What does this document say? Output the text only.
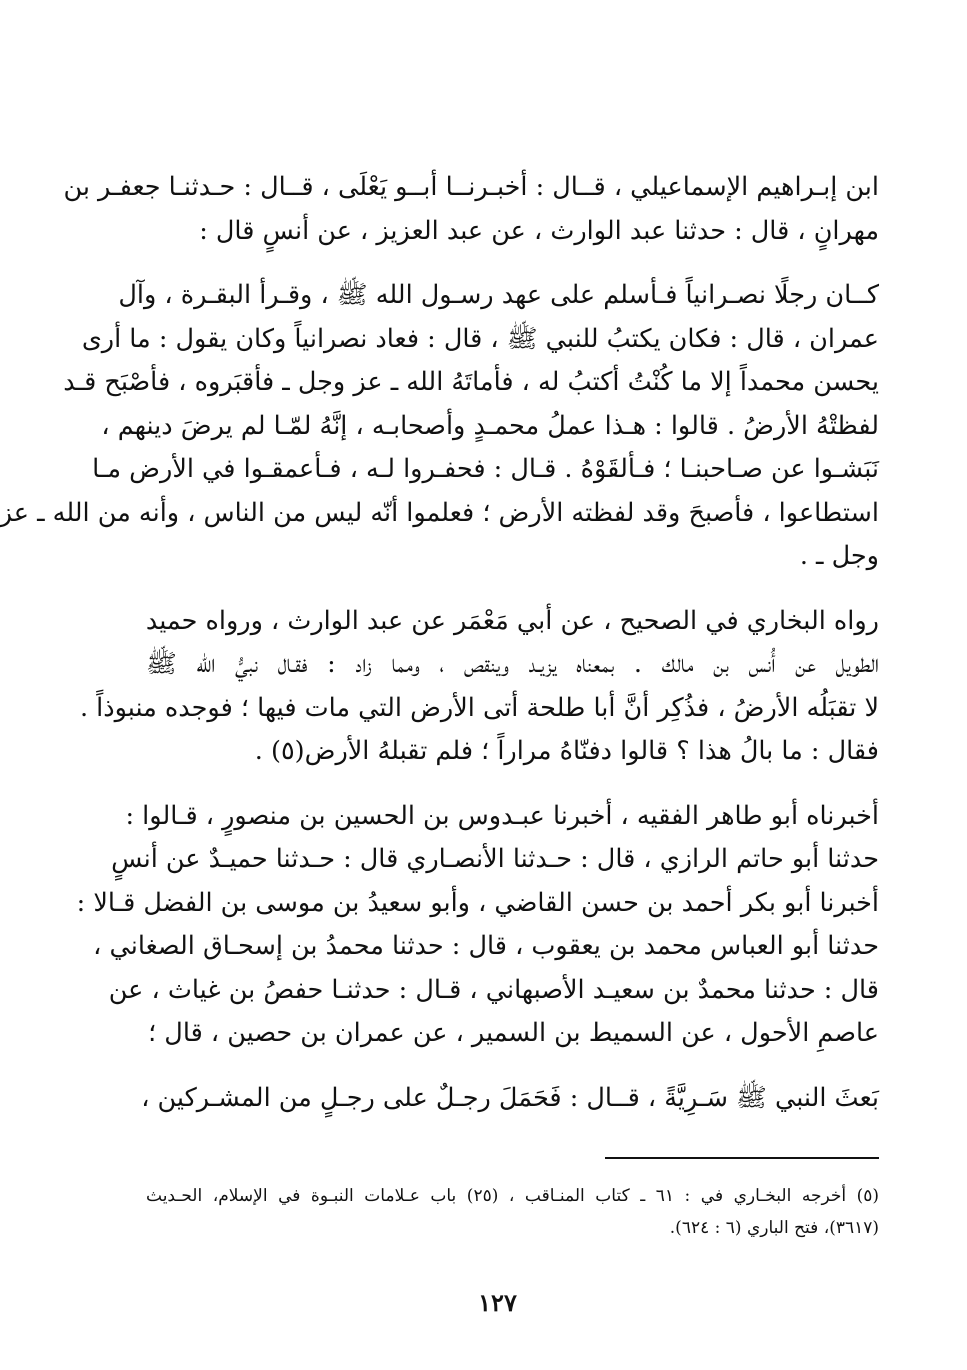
ابن إبـراهيم الإسماعيلي ، قــال : أخبـرنــا أبــو يَعْلَى ، قــال : حـدثنـا جعفـر بن
مهرانٍ ، قال : حدثنا عبد الوارث ، عن عبد العزيز ، عن أنسٍ قال :

كــان رجلًا نصـرانياً فـأسلم على عهد رسـول الله ﷺ ، وقـرأ البقـرة ، وآل
عمران ، قال : فكان يكتبُ للنبي ﷺ ، قال : فعاد نصرانياً وكان يقول : ما أرى
يحسن محمداً إلا ما كُنْتُ أكتبُ له ، فأماتَهُ الله ـ عز وجل ـ فأقبَروه ، فأصْبَح قـد
لفظتْهُ الأرضُ . قالوا : هـذا عملُ محمـدٍ وأصحابـه ، إنَّهُ لمّـا لم يرضَ دينهم ،
نَبَشـوا عن صـاحبنـا ؛ فـألقَوْهُ . قـال : فحفـروا لـه ، فـأعمقـوا في الأرض مـا
استطاعوا ، فأصبحَ وقد لفظته الأرض ؛ فعلموا أنّه ليس من الناس ، وأنه من الله ـ عز
وجل ـ .

رواه البخاري في الصحيح ، عن أبي مَعْمَر عن عبد الوارث ، ورواه حميد
الطويل عن أُنس بن مالك . بمعناه يزيـد وينقص ، ومما زاد : فقـال نبيُّ الله ﷺ
لا تقبَلُه الأرضُ ، فذُكِر أنَّ أبا طلحة أتى الأرض التي مات فيها ؛ فوجده منبوذاً .
فقال : ما بالُ هذا ؟ قالوا دفنّاهُ مراراً ؛ فلم تقبلهُ الأرض(٥) .

أخبرناه أبو طاهر الفقيه ، أخبرنا عبـدوس بن الحسين بن منصورٍ ، قـالوا :
حدثنا أبو حاتم الرازي ، قال : حـدثنا الأنصـاري قال : حـدثنا حميـدٌ عن أنسٍ
أخبرنا أبو بكر أحمد بن حسن القاضي ، وأبو سعيدُ بن موسى بن الفضل قـالا :
حدثنا أبو العباس محمد بن يعقوب ، قال : حدثنا محمدُ بن إسحـاق الصغاني ،
قال : حدثنا محمدٌ بن سعيـد الأصبهاني ، قـال : حدثنـا حفصُ بن غياث ، عن
عاصمِ الأحول ، عن السميط بن السمير ، عن عمران بن حصين ، قال ؛

بَعثَ النبي ﷺ سَـرِيَّةً ، قــال : فَحَمَلَ رجـلٌ على رجـلٍ من المشـركين ،

(٥) أخرجه البخـاري في : ٦١ ـ كتاب المنـاقب ، (٢٥) باب عـلامات النبـوة في الإسلام، الحـديث
(٣٦١٧)، فتح الباري (٦ : ٦٢٤).
١٢٧
